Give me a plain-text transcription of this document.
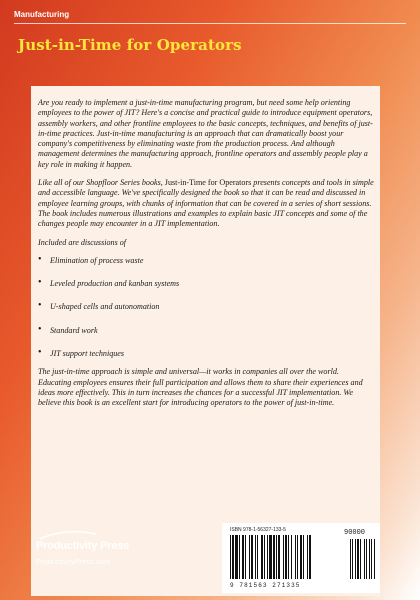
Manufacturing
Just-in-Time for Operators

Are you ready to implement a just-in-time manufacturing program, but need some help orienting employees to the power of JIT? Here's a concise and practical guide to introduce equipment operators, assembly workers, and other frontline employees to the basic concepts, techniques, and benefits of just-in-time practices. Just-in-time manufacturing is an approach that can dramatically boost your company's competitiveness by eliminating waste from the production process. And although management determines the manufacturing approach, frontline operators and assembly people play a key role in making it happen.

Like all of our Shopfloor Series books, Just-in-Time for Operators presents concepts and tools in simple and accessible language. We've specifically designed the book so that it can be read and discussed in employee learning groups, with chunks of information that can be covered in a series of short sessions. The book includes numerous illustrations and examples to explain basic JIT concepts and some of the changes people may encounter in a JIT implementation.

Included are discussions of

• Elimination of process waste
• Leveled production and kanban systems
• U-shaped cells and autonomation
• Standard work
• JIT support techniques

The just-in-time approach is simple and universal—it works in companies all over the world. Educating employees ensures their full participation and allows them to share their experiences and ideas more effectively. This in turn increases the chances for a successful JIT implementation. We believe this book is an excellent start for introducing operators to the power of just-in-time.

Productivity Press
ProductivityPress.com
ISBN 978-1-56327-133-5	90000
9 781563 271335
